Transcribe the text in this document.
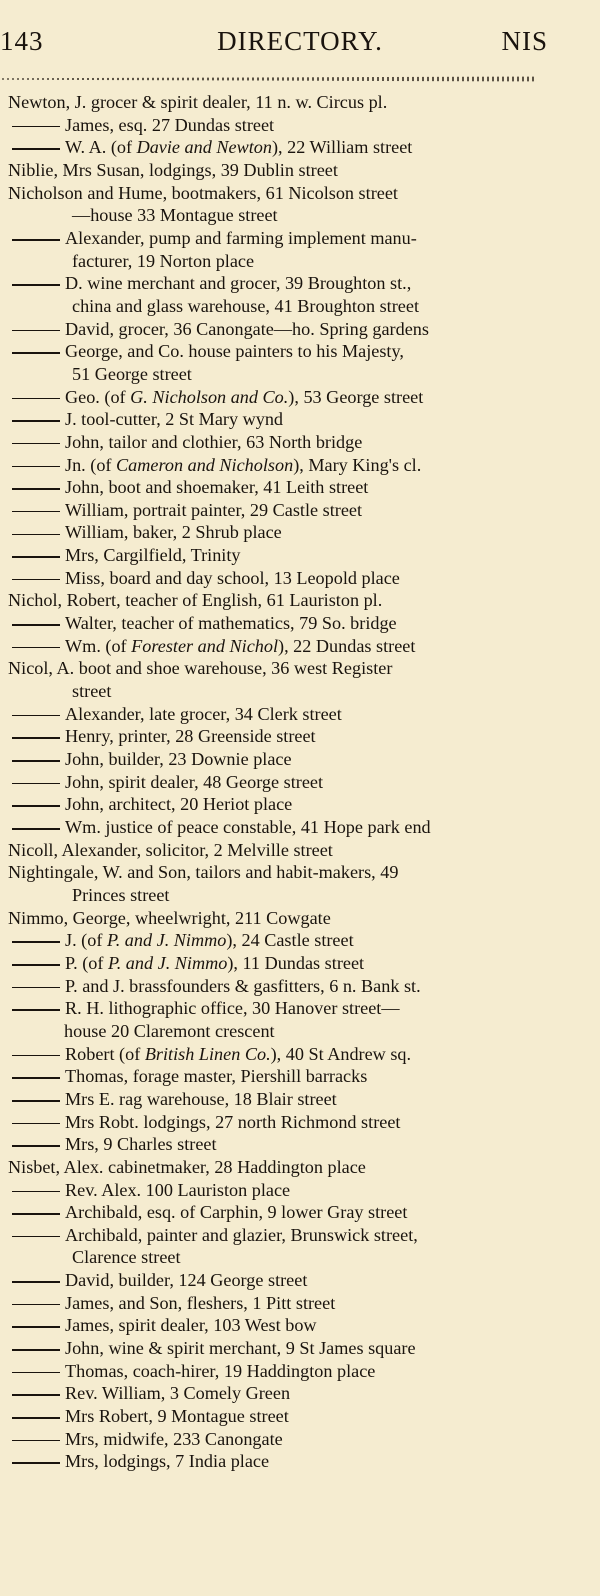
143	DIRECTORY.	NIS
Newton, J. grocer & spirit dealer, 11 n. w. Circus pl.
James, esq. 27 Dundas street
W. A. (of Davie and Newton), 22 William street
Niblie, Mrs Susan, lodgings, 39 Dublin street
Nicholson and Hume, bootmakers, 61 Nicolson street
—house 33 Montague street
Alexander, pump and farming implement manu-
facturer, 19 Norton place
D. wine merchant and grocer, 39 Broughton st.,
china and glass warehouse, 41 Broughton street
David, grocer, 36 Canongate—ho. Spring gardens
George, and Co. house painters to his Majesty,
51 George street
Geo. (of G. Nicholson and Co.), 53 George street
J. tool-cutter, 2 St Mary wynd
John, tailor and clothier, 63 North bridge
Jn. (of Cameron and Nicholson), Mary King's cl.
John, boot and shoemaker, 41 Leith street
William, portrait painter, 29 Castle street
William, baker, 2 Shrub place
Mrs, Cargilfield, Trinity
Miss, board and day school, 13 Leopold place
Nichol, Robert, teacher of English, 61 Lauriston pl.
Walter, teacher of mathematics, 79 So. bridge
Wm. (of Forester and Nichol), 22 Dundas street
Nicol, A. boot and shoe warehouse, 36 west Register
street
Alexander, late grocer, 34 Clerk street
Henry, printer, 28 Greenside street
John, builder, 23 Downie place
John, spirit dealer, 48 George street
John, architect, 20 Heriot place
Wm. justice of peace constable, 41 Hope park end
Nicoll, Alexander, solicitor, 2 Melville street
Nightingale, W. and Son, tailors and habit-makers, 49
Princes street
Nimmo, George, wheelwright, 211 Cowgate
J. (of P. and J. Nimmo), 24 Castle street
P. (of P. and J. Nimmo), 11 Dundas street
P. and J. brassfounders & gasfitters, 6 n. Bank st.
R. H. lithographic office, 30 Hanover street—
house 20 Claremont crescent
Robert (of British Linen Co.), 40 St Andrew sq.
Thomas, forage master, Piershill barracks
Mrs E. rag warehouse, 18 Blair street
Mrs Robt. lodgings, 27 north Richmond street
Mrs, 9 Charles street
Nisbet, Alex. cabinetmaker, 28 Haddington place
Rev. Alex. 100 Lauriston place
Archibald, esq. of Carphin, 9 lower Gray street
Archibald, painter and glazier, Brunswick street,
Clarence street
David, builder, 124 George street
James, and Son, fleshers, 1 Pitt street
James, spirit dealer, 103 West bow
John, wine & spirit merchant, 9 St James square
Thomas, coach-hirer, 19 Haddington place
Rev. William, 3 Comely Green
Mrs Robert, 9 Montague street
Mrs, midwife, 233 Canongate
Mrs, lodgings, 7 India place
